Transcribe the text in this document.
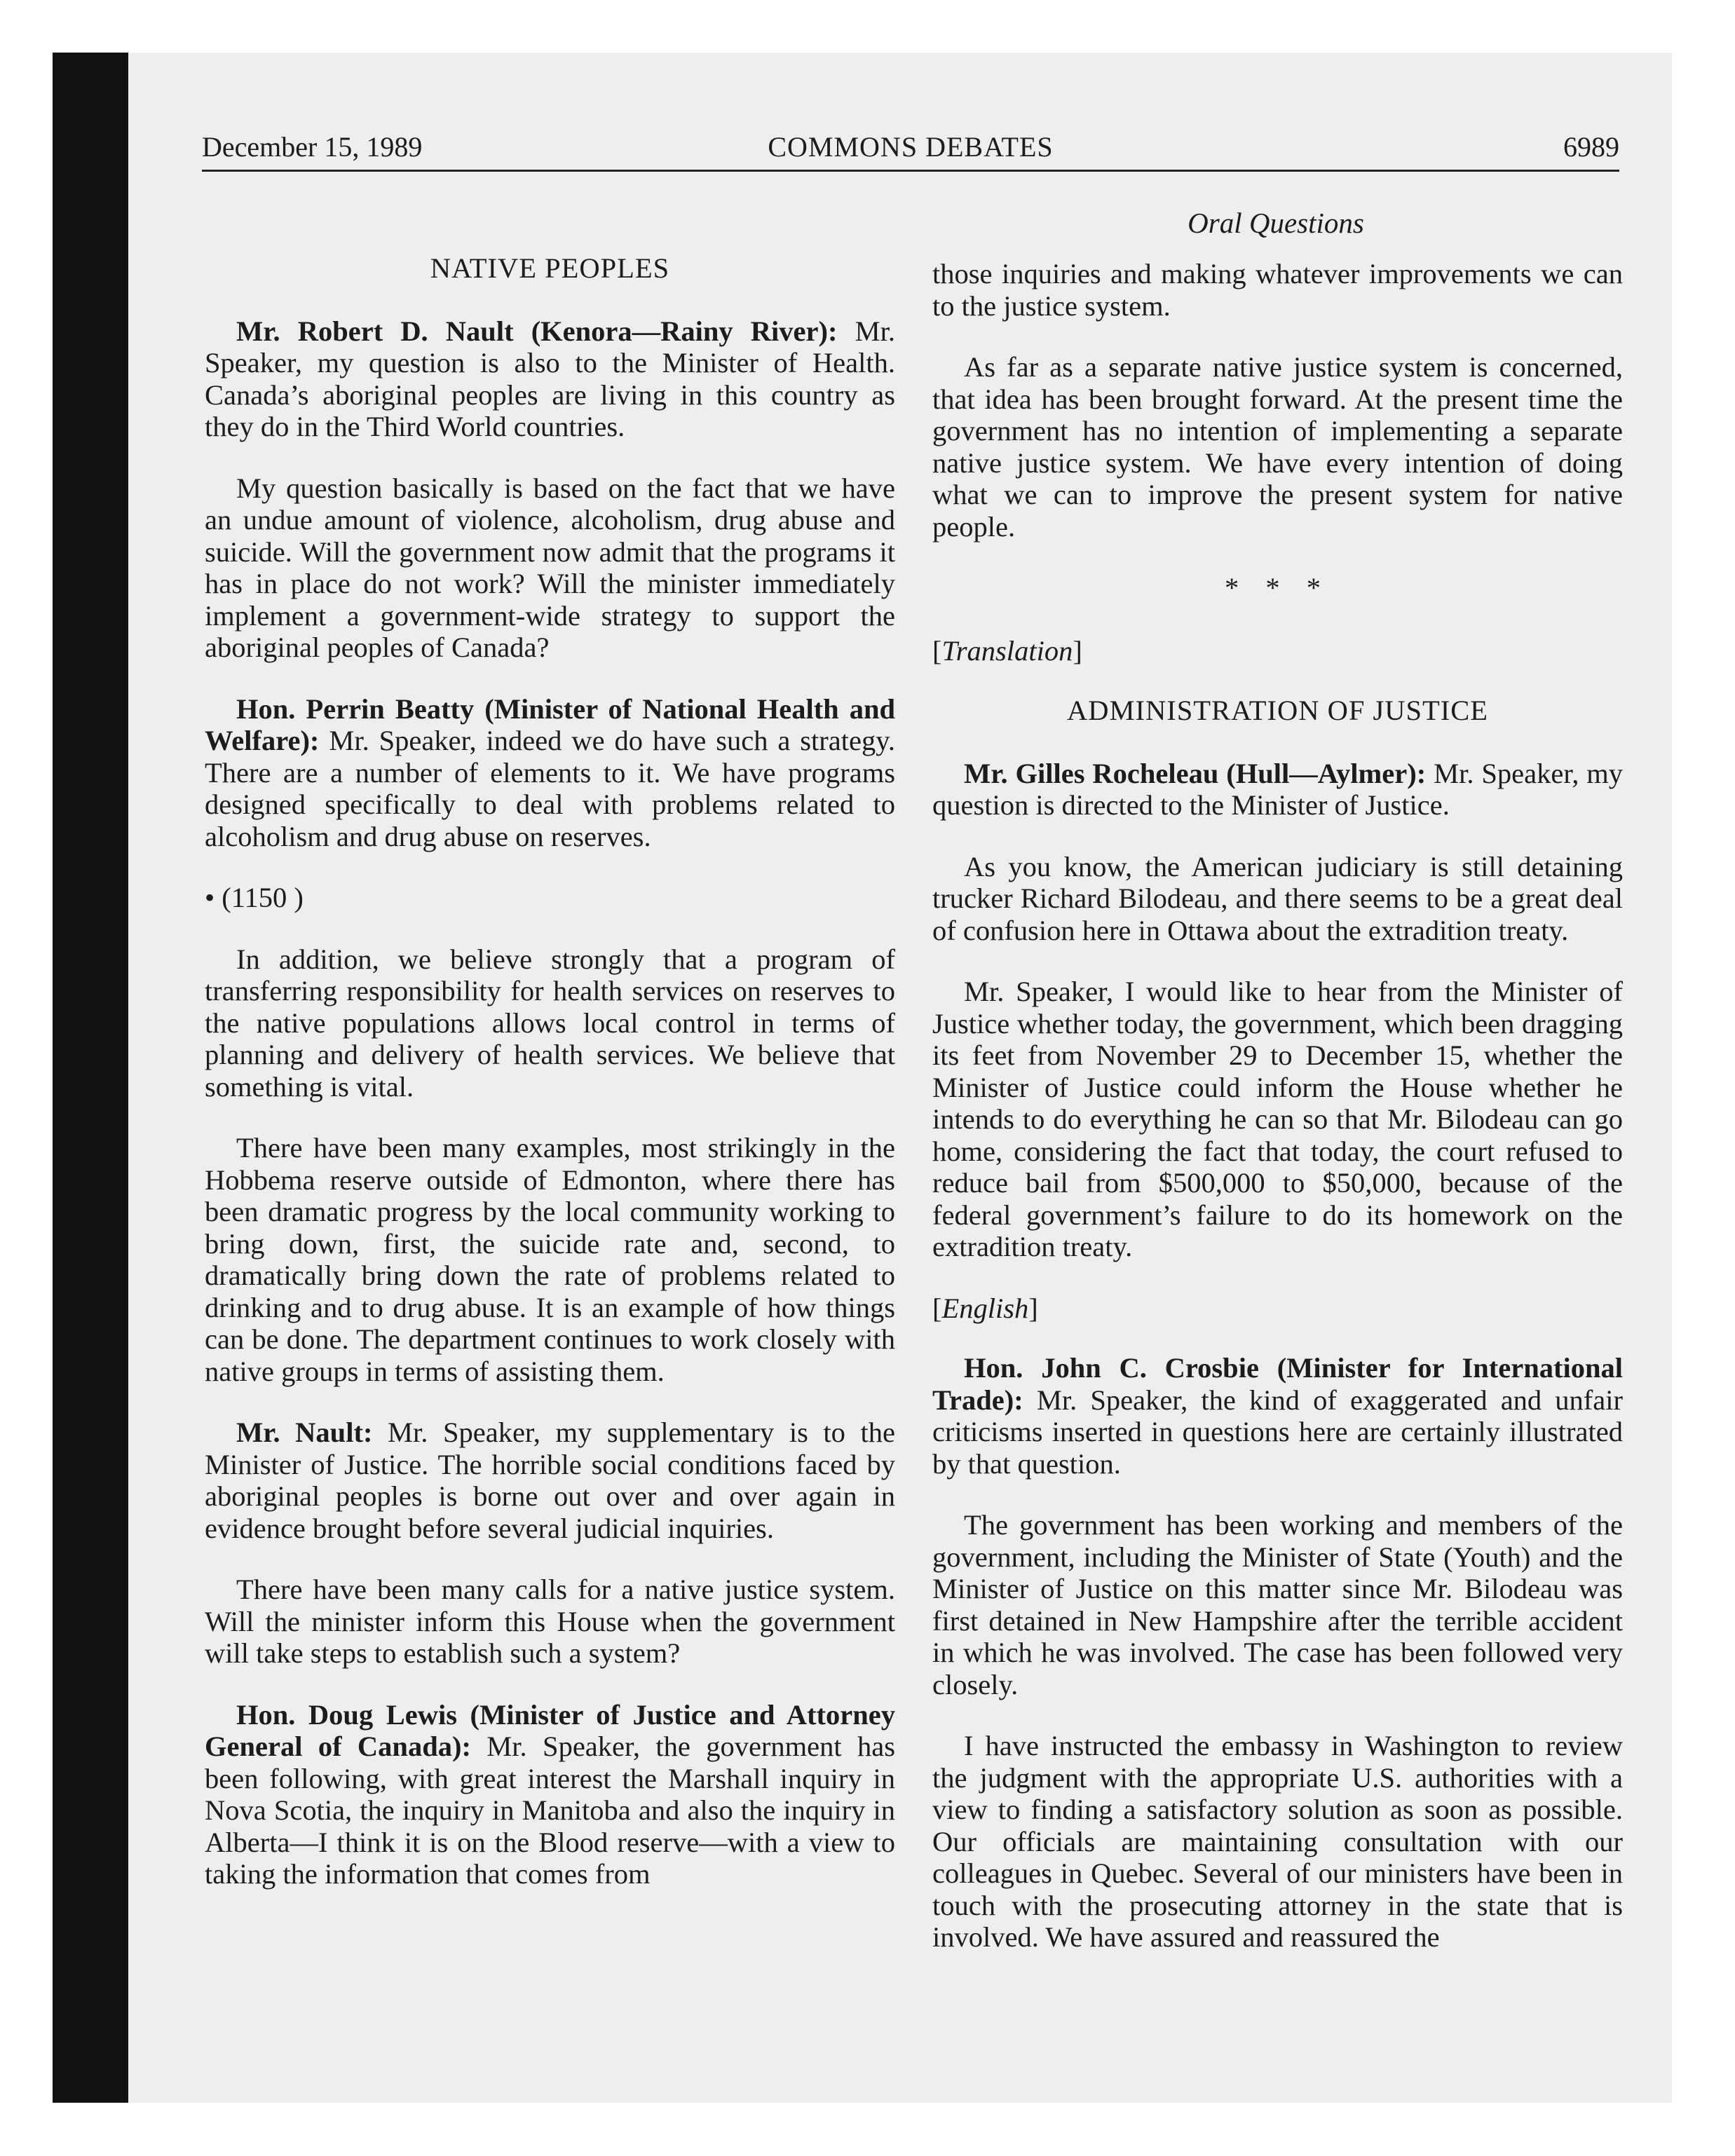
December 15, 1989	COMMONS DEBATES	6989
Oral Questions
NATIVE PEOPLES

Mr. Robert D. Nault (Kenora—Rainy River): Mr. Speaker, my question is also to the Minister of Health. Canada’s aboriginal peoples are living in this country as they do in the Third World countries.

My question basically is based on the fact that we have an undue amount of violence, alcoholism, drug abuse and suicide. Will the government now admit that the programs it has in place do not work? Will the minister immediately implement a government-wide strategy to support the aboriginal peoples of Canada?

Hon. Perrin Beatty (Minister of National Health and Welfare): Mr. Speaker, indeed we do have such a strategy. There are a number of elements to it. We have programs designed specifically to deal with problems related to alcoholism and drug abuse on reserves.

• (1150 )

In addition, we believe strongly that a program of transferring responsibility for health services on reserves to the native populations allows local control in terms of planning and delivery of health services. We believe that something is vital.

There have been many examples, most strikingly in the Hobbema reserve outside of Edmonton, where there has been dramatic progress by the local community working to bring down, first, the suicide rate and, second, to dramatically bring down the rate of problems related to drinking and to drug abuse. It is an example of how things can be done. The department continues to work closely with native groups in terms of assisting them.

Mr. Nault: Mr. Speaker, my supplementary is to the Minister of Justice. The horrible social conditions faced by aboriginal peoples is borne out over and over again in evidence brought before several judicial inquiries.

There have been many calls for a native justice system. Will the minister inform this House when the government will take steps to establish such a system?

Hon. Doug Lewis (Minister of Justice and Attorney General of Canada): Mr. Speaker, the government has been following, with great interest the Marshall inquiry in Nova Scotia, the inquiry in Manitoba and also the inquiry in Alberta—I think it is on the Blood reserve—with a view to taking the information that comes from

those inquiries and making whatever improvements we can to the justice system.

As far as a separate native justice system is concerned, that idea has been brought forward. At the present time the government has no intention of implementing a separate native justice system. We have every intention of doing what we can to improve the present system for native people.

* * *

[Translation]

ADMINISTRATION OF JUSTICE

Mr. Gilles Rocheleau (Hull—Aylmer): Mr. Speaker, my question is directed to the Minister of Justice.

As you know, the American judiciary is still detaining trucker Richard Bilodeau, and there seems to be a great deal of confusion here in Ottawa about the extradition treaty.

Mr. Speaker, I would like to hear from the Minister of Justice whether today, the government, which been dragging its feet from November 29 to December 15, whether the Minister of Justice could inform the House whether he intends to do everything he can so that Mr. Bilodeau can go home, considering the fact that today, the court refused to reduce bail from $500,000 to $50,000, because of the federal government’s failure to do its homework on the extradition treaty.

[English]

Hon. John C. Crosbie (Minister for International Trade): Mr. Speaker, the kind of exaggerated and unfair criticisms inserted in questions here are certainly illustrated by that question.

The government has been working and members of the government, including the Minister of State (Youth) and the Minister of Justice on this matter since Mr. Bilodeau was first detained in New Hampshire after the terrible accident in which he was involved. The case has been followed very closely.

I have instructed the embassy in Washington to review the judgment with the appropriate U.S. authorities with a view to finding a satisfactory solution as soon as possible. Our officials are maintaining consultation with our colleagues in Quebec. Several of our ministers have been in touch with the prosecuting attorney in the state that is involved. We have assured and reassured the
